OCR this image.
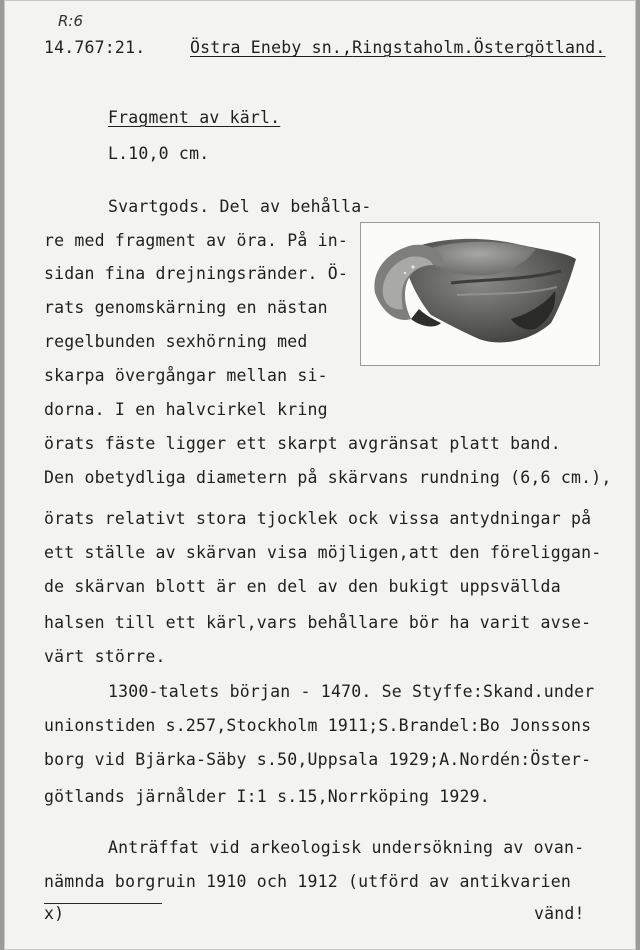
R:6
14.767:21.	Östra Eneby sn.,Ringstaholm.Östergötland.
Fragment av kärl.
L.10,0 cm.
Svartgods. Del av behålla-
re med fragment av öra. På in-
sidan fina drejningsränder. Ö-
rats genomskärning en nästan
regelbunden sexhörning med
skarpa övergångar mellan si-
dorna. I en halvcirkel kring
örats fäste ligger ett skarpt avgränsat platt band.
Den obetydliga diametern på skärvans rundning (6,6 cm.),
örats relativt stora tjocklek ock vissa antydningar på
ett ställe av skärvan visa möjligen,att den föreliggan-
de skärvan blott är en del av den bukigt uppsvällda
halsen till ett kärl,vars behållare bör ha varit avse-
värt större.
1300-talets början - 1470. Se Styffe:Skand.under
unionstiden s.257,Stockholm 1911;S.Brandel:Bo Jonssons
borg vid Bjärka-Säby s.50,Uppsala 1929;A.Nordén:Öster-
götlands järnålder I:1 s.15,Norrköping 1929.
Anträffat vid arkeologisk undersökning av ovan-
nämnda borgruin 1910 och 1912 (utförd av antikvarien
x)	vänd!
